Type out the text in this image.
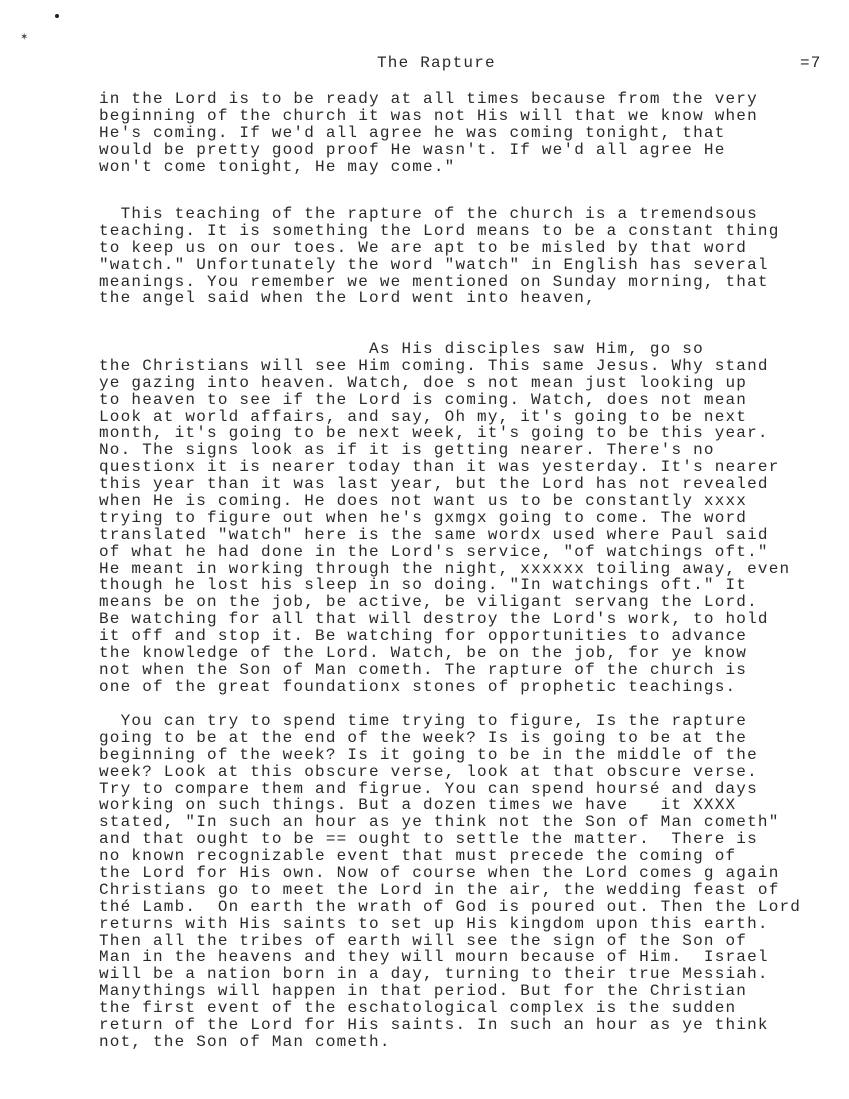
✶
The Rapture	=7
in the Lord is to be ready at all times because from the very
beginning of the church it was not His will that we know when
He's coming. If we'd all agree he was coming tonight, that
would be pretty good proof He wasn't. If we'd all agree He
won't come tonight, He may come."
This teaching of the rapture of the church is a tremendsous
teaching. It is something the Lord means to be a constant thing
to keep us on our toes. We are apt to be misled by that word
"watch." Unfortunately the word "watch" in English has several
meanings. You remember we we mentioned on Sunday morning, that
the angel said when the Lord went into heaven,
As His disciples saw Him, go so
the Christians will see Him coming. This same Jesus. Why stand
ye gazing into heaven. Watch, doe s not mean just looking up
to heaven to see if the Lord is coming. Watch, does not mean
Look at world affairs, and say, Oh my, it's going to be next
month, it's going to be next week, it's going to be this year.
No. The signs look as if it is getting nearer. There's no
questionx it is nearer today than it was yesterday. It's nearer
this year than it was last year, but the Lord has not revealed
when He is coming. He does not want us to be constantly xxxx
trying to figure out when he's gxmgx going to come. The word
translated "watch" here is the same wordx used where Paul said
of what he had done in the Lord's service, "of watchings oft."
He meant in working through the night, xxxxxx toiling away, even
though he lost his sleep in so doing. "In watchings oft." It
means be on the job, be active, be viligant servang the Lord.
Be watching for all that will destroy the Lord's work, to hold
it off and stop it. Be watching for opportunities to advance
the knowledge of the Lord. Watch, be on the job, for ye know
not when the Son of Man cometh. The rapture of the church is
one of the great foundationx stones of prophetic teachings.
You can try to spend time trying to figure, Is the rapture
going to be at the end of the week? Is is going to be at the
beginning of the week? Is it going to be in the middle of the
week? Look at this obscure verse, look at that obscure verse.
Try to compare them and figrue. You can spend hoursé and days
working on such things. But a dozen times we have   it XXXX
stated, "In such an hour as ye think not the Son of Man cometh"
and that ought to be == ought to settle the matter.  There is
no known recognizable event that must precede the coming of
the Lord for His own. Now of course when the Lord comes g again
Christians go to meet the Lord in the air, the wedding feast of
thé Lamb.  On earth the wrath of God is poured out. Then the Lord
returns with His saints to set up His kingdom upon this earth.
Then all the tribes of earth will see the sign of the Son of
Man in the heavens and they will mourn because of Him.  Israel
will be a nation born in a day, turning to their true Messiah.
Manythings will happen in that period. But for the Christian
the first event of the eschatological complex is the sudden
return of the Lord for His saints. In such an hour as ye think
not, the Son of Man cometh.
